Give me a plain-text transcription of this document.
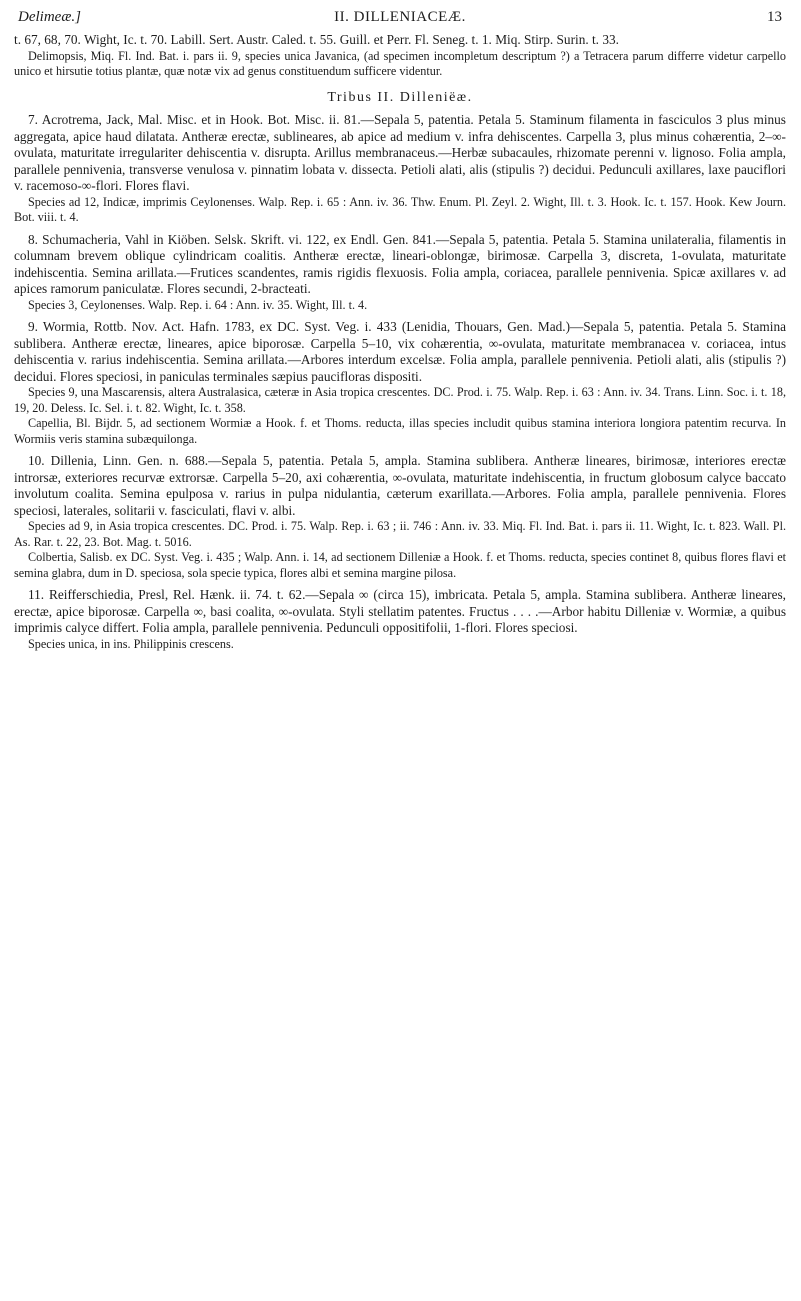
Delimeæ.]	II. DILLENIACEÆ.	13

t. 67, 68, 70. Wight, Ic. t. 70. Labill. Sert. Austr. Caled. t. 55. Guill. et Perr. Fl. Seneg. t. 1. Miq. Stirp. Surin. t. 33.

Delimopsis, Miq. Fl. Ind. Bat. i. pars ii. 9, species unica Javanica, (ad specimen incompletum descriptum ?) a Tetracera parum differre videtur carpello unico et hirsutie totius plantæ, quæ notæ vix ad genus constituendum sufficere videntur.

Tribus II. Dilleniëæ.

7. Acrotrema, Jack, Mal. Misc. et in Hook. Bot. Misc. ii. 81.—Sepala 5, patentia. Petala 5. Staminum filamenta in fasciculos 3 plus minus aggregata, apice haud dilatata. Antheræ erectæ, sublineares, ab apice ad medium v. infra dehiscentes. Carpella 3, plus minus cohærentia, 2–∞-ovulata, maturitate irregulariter dehiscentia v. disrupta. Arillus membranaceus.—Herbæ subacaules, rhizomate perenni v. lignoso. Folia ampla, parallele pennivenia, transverse venulosa v. pinnatim lobata v. dissecta. Petioli alati, alis (stipulis ?) decidui. Pedunculi axillares, laxe pauciflori v. racemoso-∞-flori. Flores flavi.

Species ad 12, Indicæ, imprimis Ceylonenses. Walp. Rep. i. 65 : Ann. iv. 36. Thw. Enum. Pl. Zeyl. 2. Wight, Ill. t. 3. Hook. Ic. t. 157. Hook. Kew Journ. Bot. viii. t. 4.

8. Schumacheria, Vahl in Kiöben. Selsk. Skrift. vi. 122, ex Endl. Gen. 841.—Sepala 5, patentia. Petala 5. Stamina unilateralia, filamentis in columnam brevem oblique cylindricam coalitis. Antheræ erectæ, lineari-oblongæ, birimosæ. Carpella 3, discreta, 1-ovulata, maturitate indehiscentia. Semina arillata.—Frutices scandentes, ramis rigidis flexuosis. Folia ampla, coriacea, parallele pennivenia. Spicæ axillares v. ad apices ramorum paniculatæ. Flores secundi, 2-bracteati.

Species 3, Ceylonenses. Walp. Rep. i. 64 : Ann. iv. 35. Wight, Ill. t. 4.

9. Wormia, Rottb. Nov. Act. Hafn. 1783, ex DC. Syst. Veg. i. 433 (Lenidia, Thouars, Gen. Mad.)—Sepala 5, patentia. Petala 5. Stamina sublibera. Antheræ erectæ, lineares, apice biporosæ. Carpella 5–10, vix cohærentia, ∞-ovulata, maturitate membranacea v. coriacea, intus dehiscentia v. rarius indehiscentia. Semina arillata.—Arbores interdum excelsæ. Folia ampla, parallele pennivenia. Petioli alati, alis (stipulis ?) decidui. Flores speciosi, in paniculas terminales sæpius paucifloras dispositi.

Species 9, una Mascarensis, altera Australasica, cæteræ in Asia tropica crescentes. DC. Prod. i. 75. Walp. Rep. i. 63 : Ann. iv. 34. Trans. Linn. Soc. i. t. 18, 19, 20. Deless. Ic. Sel. i. t. 82. Wight, Ic. t. 358.

Capellia, Bl. Bijdr. 5, ad sectionem Wormiæ a Hook. f. et Thoms. reducta, illas species includit quibus stamina interiora longiora patentim recurva. In Wormiis veris stamina subæquilonga.

10. Dillenia, Linn. Gen. n. 688.—Sepala 5, patentia. Petala 5, ampla. Stamina sublibera. Antheræ lineares, birimosæ, interiores erectæ introrsæ, exteriores recurvæ extrorsæ. Carpella 5–20, axi cohærentia, ∞-ovulata, maturitate indehiscentia, in fructum globosum calyce baccato involutum coalita. Semina epulposa v. rarius in pulpa nidulantia, cæterum exarillata.—Arbores. Folia ampla, parallele pennivenia. Flores speciosi, laterales, solitarii v. fasciculati, flavi v. albi.

Species ad 9, in Asia tropica crescentes. DC. Prod. i. 75. Walp. Rep. i. 63 ; ii. 746 : Ann. iv. 33. Miq. Fl. Ind. Bat. i. pars ii. 11. Wight, Ic. t. 823. Wall. Pl. As. Rar. t. 22, 23. Bot. Mag. t. 5016.

Colbertia, Salisb. ex DC. Syst. Veg. i. 435 ; Walp. Ann. i. 14, ad sectionem Dilleniæ a Hook. f. et Thoms. reducta, species continet 8, quibus flores flavi et semina glabra, dum in D. speciosa, sola specie typica, flores albi et semina margine pilosa.

11. Reifferschiedia, Presl, Rel. Hænk. ii. 74. t. 62.—Sepala ∞ (circa 15), imbricata. Petala 5, ampla. Stamina sublibera. Antheræ lineares, erectæ, apice biporosæ. Carpella ∞, basi coalita, ∞-ovulata. Styli stellatim patentes. Fructus . . . .—Arbor habitu Dilleniæ v. Wormiæ, a quibus imprimis calyce differt. Folia ampla, parallele pennivenia. Pedunculi oppositifolii, 1-flori. Flores speciosi.

Species unica, in ins. Philippinis crescens.
